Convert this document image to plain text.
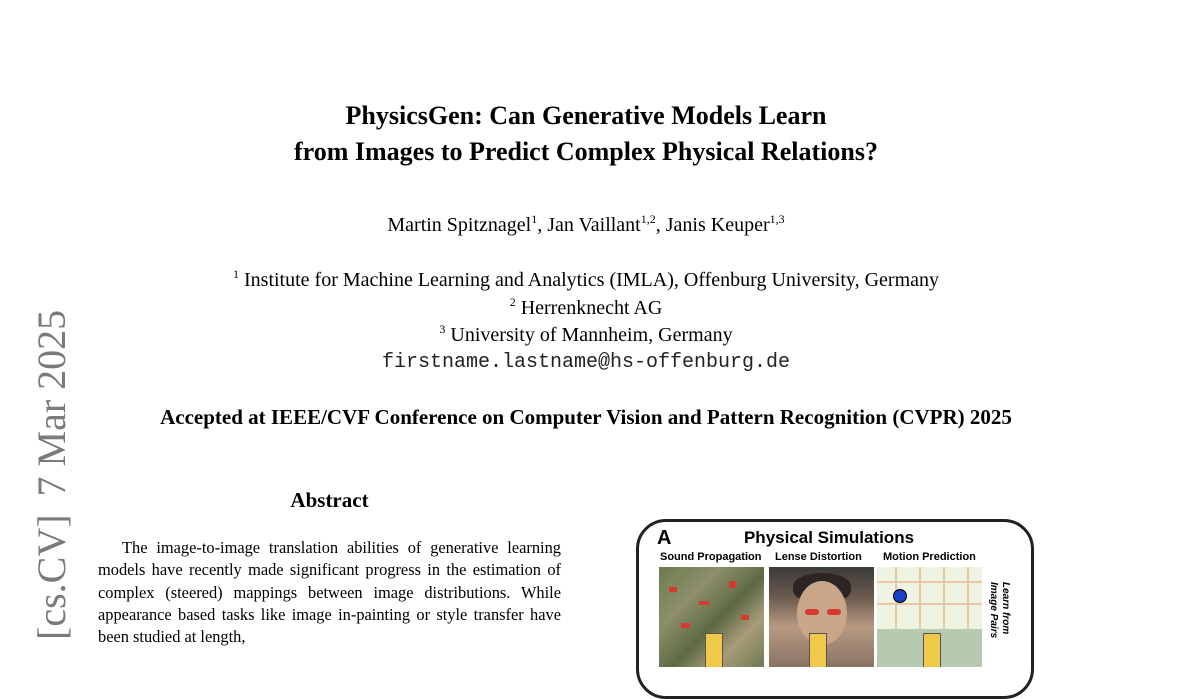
PhysicsGen: Can Generative Models Learn
from Images to Predict Complex Physical Relations?
Martin Spitznagel$^1$, Jan Vaillant$^{1,2}$, Janis Keuper$^{1,3}$
$^1$ Institute for Machine Learning and Analytics (IMLA), Offenburg University, Germany
$^2$ Herrenknecht AG
$^3$ University of Mannheim, Germany
firstname.lastname@hs-offenburg.de
Accepted at IEEE/CVF Conference on Computer Vision and Pattern Recognition (CVPR) 2025
[cs.CV]7 Mar 2025
Abstract
The image-to-image translation abilities of generative learning models have recently made significant progress in the estimation of complex (steered) mappings between image distributions. While appearance based tasks like image in-painting or style transfer have been studied at length,
A	Physical Simulations
Sound Propagation Lense Distortion Motion Prediction
Learn from
Image Pairs
